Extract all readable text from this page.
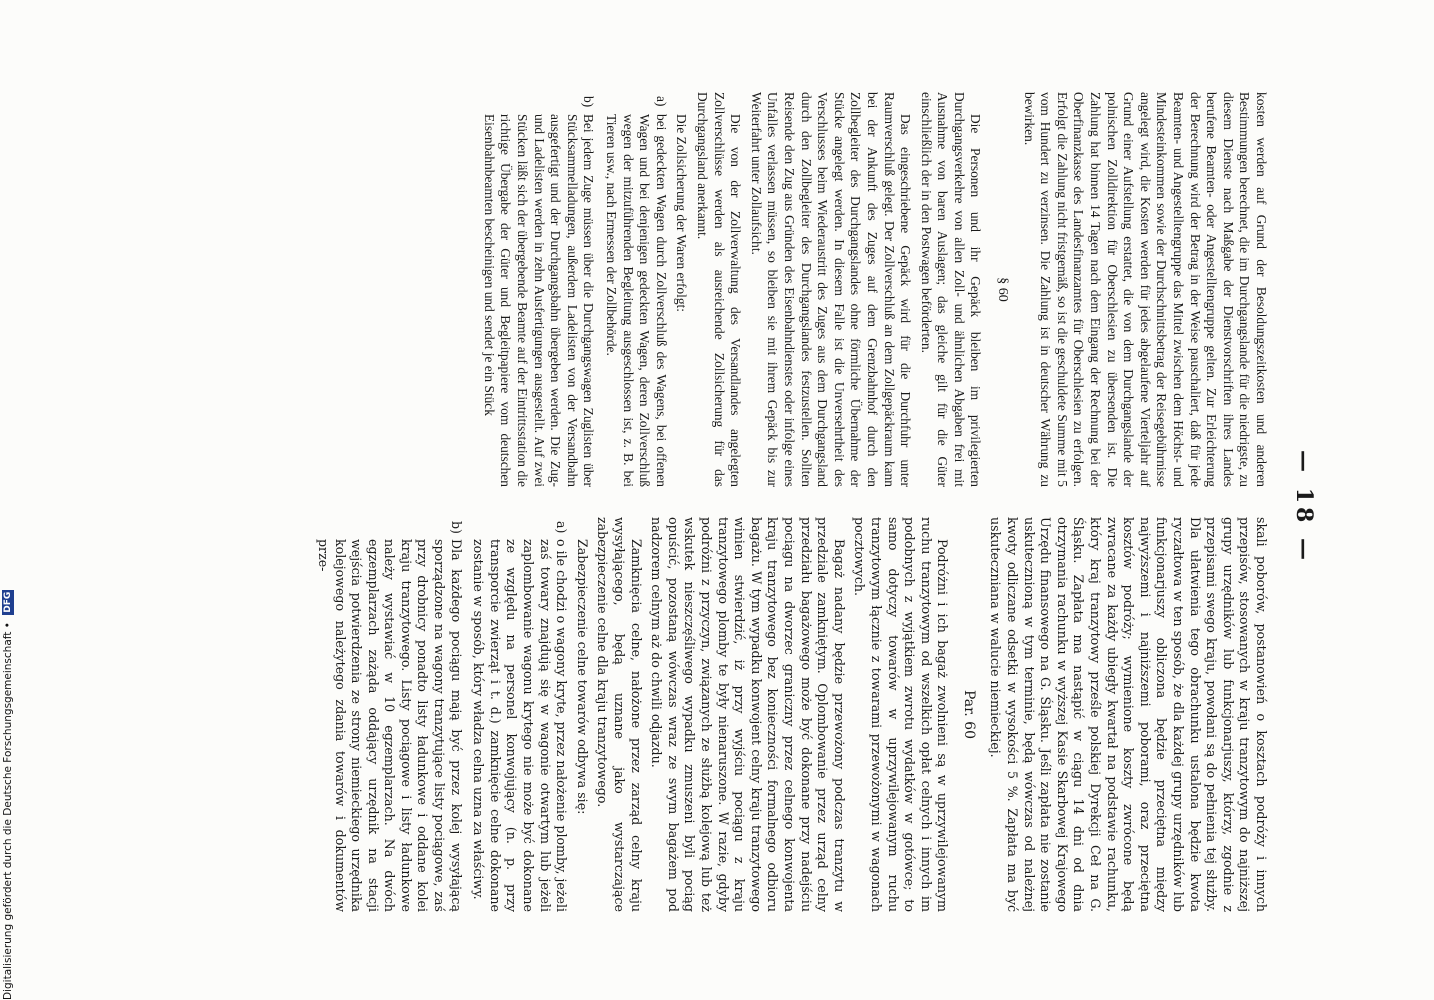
— 18 —

kosten werden auf Grund der Besoldungszeitkosten und anderen Bestimmungen berechnet, die im Durchgangslande für die niedrigste, zu diesem Dienste nach Maßgabe der Dienstvorschriften ihres Landes berufene Beamten- oder Angestelltengruppe gelten. Zur Erleichterung der Berechnung wird der Betrag in der Weise pauschaliert, daß für jede Beamten- und Angestelltengruppe das Mittel zwischen dem Höchst- und Mindesteinkommen sowie der Durchschnittsbetrag der Reisegebührnisse angelegt wird, die Kosten werden für jedes abgelaufene Vierteljahr auf Grund einer Aufstellung erstattet, die von dem Durchgangslande der polnischen Zolldirektion für Oberschlesien zu übersenden ist. Die Zahlung hat binnen 14 Tagen nach dem Eingang der Rechnung bei der Oberfinanzkasse des Landesfinanzamtes für Oberschlesien zu erfolgen. Erfolgt die Zahlung nicht fristgemäß, so ist die geschuldete Summe mit 5 vom Hundert zu verzinsen. Die Zahlung ist in deutscher Währung zu bewirken.

§ 60

Die Personen und ihr Gepäck bleiben im privilegierten Durchgangsverkehre von allen Zoll- und ähnlichen Abgaben frei mit Ausnahme von baren Auslagen; das gleiche gilt für die Güter einschließlich der in den Postwagen beförderten.

Das eingeschriebene Gepäck wird für die Durchfuhr unter Raumverschluß gelegt. Der Zollverschluß an dem Zollgepäckraum kann bei der Ankunft des Zuges auf dem Grenzbahnhof durch den Zollbegleiter des Durchgangslandes ohne förmliche Übernahme der Stücke angelegt werden. In diesem Falle ist die Unversehrtheit des Verschlusses beim Wiederaustritt des Zuges aus dem Durchgangsland durch den Zollbegleiter des Durchgangslandes festzustellen. Sollten Reisende den Zug aus Gründen des Eisenbahndienstes oder infolge eines Unfalles verlassen müssen, so bleiben sie mit ihrem Gepäck bis zur Weiterfahrt unter Zollaufsicht.

Die von der Zollverwaltung des Versandlandes angelegten Zollverschlüsse werden als ausreichende Zollsicherung für das Durchgangsland anerkannt.

Die Zollsicherung der Waren erfolgt:

a)bei gedeckten Wagen durch Zollverschluß des Wagens, bei offenen Wagen und bei denjenigen gedeckten Wagen, deren Zollverschluß wegen der mitzuführenden Begleitung ausgeschlossen ist, z. B. bei Tieren usw., nach Ermessen der Zollbehörde.
b)Bei jedem Zuge müssen über die Durchgangswagen Zuglisten über Stücksammelladungen, außerdem Ladelisten von der Versandbahn ausgefertigt und der Durchgangsbahn übergeben werden. Die Zug- und Ladelisten werden in zehn Ausfertigungen ausgestellt. Auf zwei Stücken läßt sich der übergebende Beamte auf der Eintrittsstation die richtige Übergabe der Güter und Begleitpapiere vom deutschen Eisenbahnbeamten bescheinigen und sendet je ein Stück

skali poborów, postanowień o kosztach podróży i innych przepisów, stosowanych w kraju tranzytowym do najniższej grupy urzędników lub funkcjonarjuszy, którzy, zgodnie z przepisami swego kraju, powołani są do pełnienia tej służby. Dla ułatwienia tego obrachunku ustalona będzie kwota ryczałtowa w ten sposób, że dla każdej grupy urzędników lub funkcjonarjuszy obliczona będzie przeciętna między najwyższemi i najniższemi poborami, oraz przeciętna kosztów podróży; wymienione koszty zwrócone będą zwracane za każdy ubiegły kwartał na podstawie rachunku, który kraj tranzytowy prześle polskiej Dyrekcji Ceł na G. Śląsku. Zapłata ma nastąpić w ciągu 14 dni od dnia otrzymania rachunku w wyższej Kasie Skarbowej Krajowego Urzędu finansowego na G. Śląsku. Jeśli zapłata nie zostanie uskutecznioną w tym terminie, będą wówczas od należnej kwoty odliczane odsetki w wysokości 5 %. Zapłata ma być uskuteczniana w walucie niemieckiej.

Par. 60

Podróżni i ich bagaż zwolnieni są w uprzywilejowanym ruchu tranzytowym od wszelkich opłat celnych i innych im podobnych z wyjątkiem zwrotu wydatków w gotówce; to samo dotyczy towarów w uprzywilejowanym ruchu tranzytowym łącznie z towarami przewożonymi w wagonach pocztowych.

Bagaż nadany będzie przewożony podczas tranzytu w przedziale zamkniętym. Oplombowanie przez urząd celny przedziału bagażowego może być dokonane przy nadejściu pociągu na dworzec graniczny przez celnego konwojenta kraju tranzytowego bez konieczności formalnego odbioru bagażu. W tym wypadku konwojent celny kraju tranzytowego winien stwierdzić, iż przy wyjściu pociągu z kraju tranzytowego plomby te były nienaruszone. W razie, gdyby podróżni z przyczyn, związanych ze służbą kolejową lub też wskutek nieszczęśliwego wypadku zmuszeni byli pociąg opuścić, pozostaną wówczas wraz ze swym bagażem pod nadzorem celnym aż do chwili odjazdu.

Zamknięcia celne, nałożone przez zarząd celny kraju wysyłającego, będą uznane jako wystarczające zabezpieczenie celne dla kraju tranzytowego.

Zabezpieczenie celne towarów odbywa się:

a)o ile chodzi o wagony kryte, przez nałożenie plomby, jeżeli zaś towary znajdują się w wagonie otwartym lub jeżeli zaplombowanie wagonu krytego nie może być dokonane ze względu na personel konwojujący (n. p. przy transporcie zwierząt i t. d.) zamknięcie celne dokonane zostanie w sposób, który władza celna uzna za właściwy.
b)Dla każdego pociągu mają być przez kolej wysyłającą sporządzone na wagony tranzytujące listy pociągowe, zaś przy drobnicy ponadto listy ładunkowe i oddane kolei kraju tranzytowego. Listy pociągowe i listy ładunkowe należy wystawiać w 10 egzemplarzach. Na dwóch egzemplarzach zażąda oddający urzędnik na stacji wejścia potwierdzenia ze strony niemieckiego urzędnika kolejowego należytego zdania towarów i dokumentów prze-
Digitalisierung gefördert durch die Deutsche Forschungsgemeinschaft • DFG
